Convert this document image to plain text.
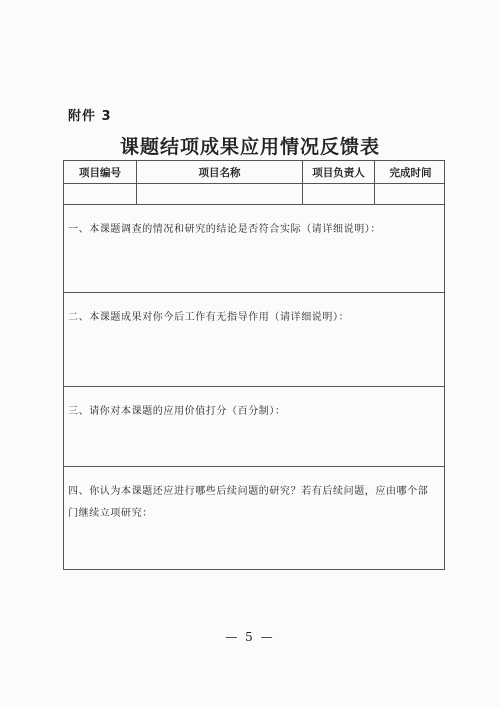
附件 3
课题结项成果应用情况反馈表
项目编号	项目名称	项目负责人	完成时间
一、本课题调查的情况和研究的结论是否符合实际（请详细说明）：
二、本课题成果对你今后工作有无指导作用（请详细说明）：
三、请你对本课题的应用价值打分（百分制）：
四、你认为本课题还应进行哪些后续问题的研究？若有后续问题，应由哪个部门继续立项研究：
— 5 —
